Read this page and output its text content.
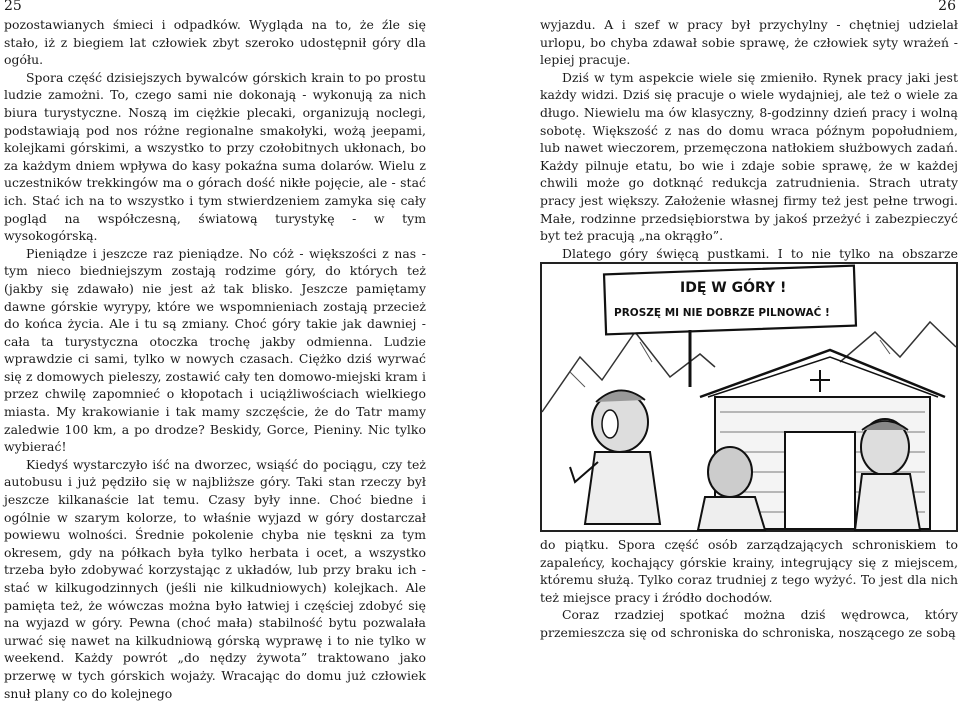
25

pozostawianych śmieci i odpadków. Wygląda na to, że źle się stało, iż z biegiem lat człowiek zbyt szeroko udostępnił góry dla ogółu.

Spora część dzisiejszych bywalców górskich krain to po prostu ludzie zamożni. To, czego sami nie dokonają - wykonują za nich biura turystyczne. Noszą im ciężkie plecaki, organizują noclegi, podstawiają pod nos różne regionalne smakołyki, wożą jeepami, kolejkami górskimi, a wszystko to przy czołobitnych ukłonach, bo za każdym dniem wpływa do kasy pokaźna suma dolarów. Wielu z uczestników trekkingów ma o górach dość nikłe pojęcie, ale - stać ich. Stać ich na to wszystko i tym stwierdzeniem zamyka się cały pogląd na współczesną, światową turystykę - w tym wysokogórską.

Pieniądze i jeszcze raz pieniądze. No cóż - większości z nas - tym nieco biedniejszym zostają rodzime góry, do których też (jakby się zdawało) nie jest aż tak blisko. Jeszcze pamiętamy dawne górskie wyrypy, które we wspomnieniach zostają przecież do końca życia. Ale i tu są zmiany. Choć góry takie jak dawniej - cała ta turystyczna otoczka trochę jakby odmienna. Ludzie wprawdzie ci sami, tylko w nowych czasach. Ciężko dziś wyrwać się z domowych pieleszy, zostawić cały ten domowo-miejski kram i przez chwilę zapomnieć o kłopotach i uciążliwościach wielkiego miasta. My krakowianie i tak mamy szczęście, że do Tatr mamy zaledwie 100 km, a po drodze? Beskidy, Gorce, Pieniny. Nic tylko wybierać!

Kiedyś wystarczyło iść na dworzec, wsiąść do pociągu, czy też autobusu i już pędziło się w najbliższe góry. Taki stan rzeczy był jeszcze kilkanaście lat temu. Czasy były inne. Choć biedne i ogólnie w szarym kolorze, to właśnie wyjazd w góry dostarczał powiewu wolności. Średnie pokolenie chyba nie tęskni za tym okresem, gdy na półkach była tylko herbata i ocet, a wszystko trzeba było zdobywać korzystając z układów, lub przy braku ich - stać w kilkugodzinnych (jeśli nie kilkudniowych) kolejkach. Ale pamięta też, że wówczas można było łatwiej i częściej zdobyć się na wyjazd w góry. Pewna (choć mała) stabilność bytu pozwalała urwać się nawet na kilkudniową górską wyprawę i to nie tylko w weekend. Każdy powrót „do nędzy żywota” traktowano jako przerwę w tych górskich wojaży. Wracając do domu już człowiek snuł plany co do kolejnego

26

wyjazdu. A i szef w pracy był przychylny - chętniej udzielał urlopu, bo chyba zdawał sobie sprawę, że człowiek syty wrażeń - lepiej pracuje.

Dziś w tym aspekcie wiele się zmieniło. Rynek pracy jaki jest każdy widzi. Dziś się pracuje o wiele wydajniej, ale też o wiele za długo. Niewielu ma ów klasyczny, 8-godzinny dzień pracy i wolną sobotę. Większość z nas do domu wraca późnym popołudniem, lub nawet wieczorem, przemęczona natłokiem służbowych zadań. Każdy pilnuje etatu, bo wie i zdaje sobie sprawę, że w każdej chwili może go dotknąć redukcja zatrudnienia. Strach utraty pracy jest większy. Założenie własnej firmy też jest pełne trwogi. Małe, rodzinne przedsiębiorstwa by jakoś przeżyć i zabezpieczyć byt też pracują „na okrągło”.

Dlatego góry święcą pustkami. I to nie tylko na obszarze

IDĘ W GÓRY !
PROSZĘ MI NIE DOBRZE PILNOWAĆ !

do piątku. Spora część osób zarządzających schroniskiem to zapaleńcy, kochający górskie krainy, integrujący się z miejscem, któremu służą. Tylko coraz trudniej z tego wyżyć. To jest dla nich też miejsce pracy i źródło dochodów.

Coraz rzadziej spotkać można dziś wędrowca, który przemieszcza się od schroniska do schroniska, noszącego ze sobą
